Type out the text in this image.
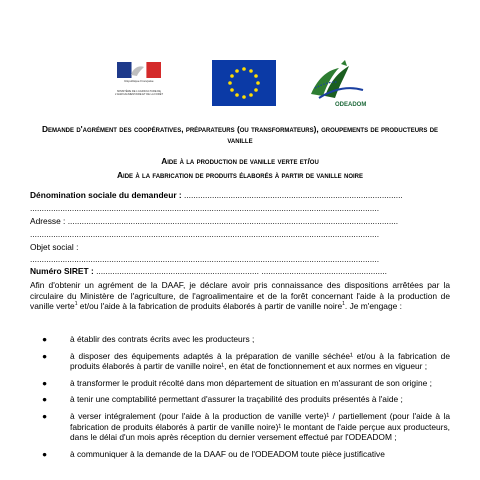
République Française
MINISTÈRE DE L'AGRICULTURE DE L'AGROALIMENTAIRE ET DE LA FORÊT
ODEADOM
Demande d'agrément des coopératives, préparateurs (ou transformateurs), groupements de producteurs de vanille
Aide à la production de vanille verte et/ou
Aide à la fabrication de produits élaborés à partir de vanille noire
Dénomination sociale du demandeur : ..............................................................................................
......................................................................................................................................................
Adresse : ..............................................................................................................................................
......................................................................................................................................................
Objet social :
......................................................................................................................................................
Numéro SIRET : ...................................................................... ......................................................
Afin d'obtenir un agrément de la DAAF, je déclare avoir pris connaissance des dispositions arrêtées par la circulaire du Ministère de l'agriculture, de l'agroalimentaire et de la forêt concernant l'aide à la production de vanille verte$^1$ et/ou l'aide à la fabrication de produits élaborés à partir de vanille noire$^1$. Je m'engage :
●	à établir des contrats écrits avec les producteurs ;
●	à disposer des équipements adaptés à la préparation de vanille séchée¹ et/ou à la fabrication de produits élaborés à partir de vanille noire¹, en état de fonctionnement et aux normes en vigueur ;
●	à transformer le produit récolté dans mon département de situation en m'assurant de son origine ;
●	à tenir une comptabilité permettant d'assurer la traçabilité des produits présentés à l'aide ;
●	à verser intégralement (pour l'aide à la production de vanille verte)¹ / partiellement (pour l'aide à la fabrication de produits élaborés à partir de vanille noire)¹ le montant de l'aide perçue aux producteurs, dans le délai d'un mois après réception du dernier versement effectué par l'ODEADOM ;
●	à communiquer à la demande de la DAAF ou de l'ODEADOM toute pièce justificative
